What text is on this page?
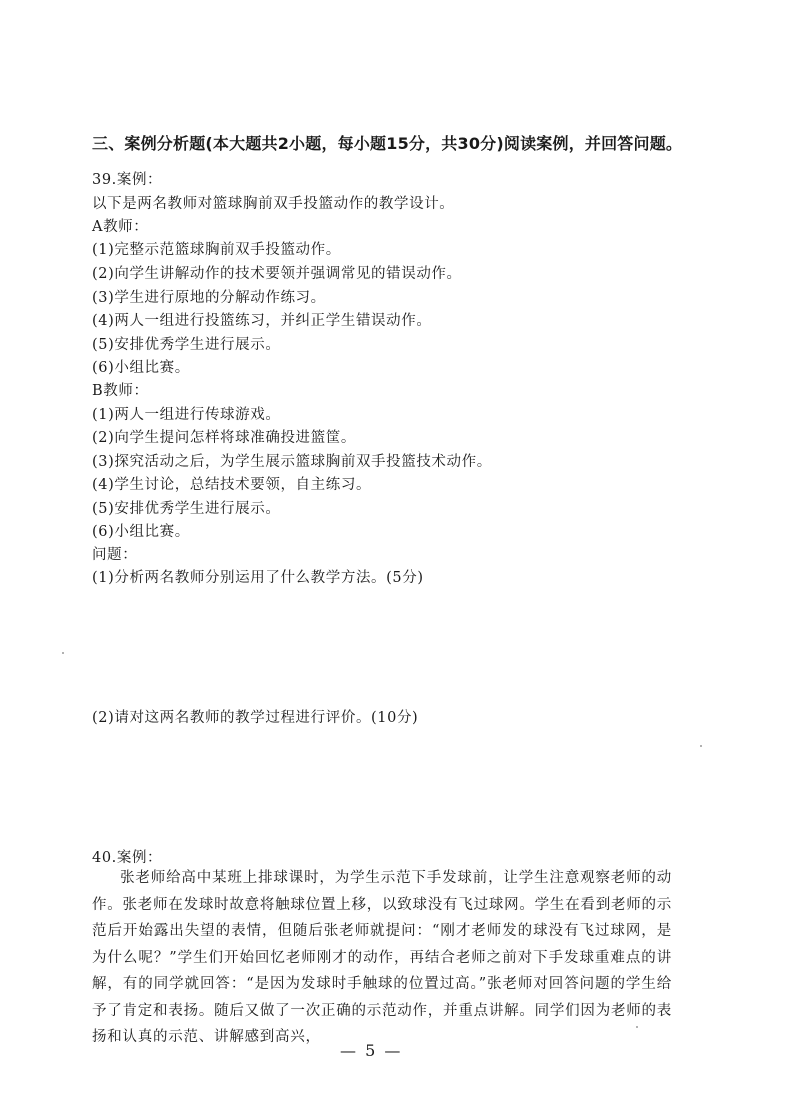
三、案例分析题(本大题共2小题，每小题15分，共30分)阅读案例，并回答问题。
39.案例：
以下是两名教师对篮球胸前双手投篮动作的教学设计。
A教师：
(1)完整示范篮球胸前双手投篮动作。
(2)向学生讲解动作的技术要领并强调常见的错误动作。
(3)学生进行原地的分解动作练习。
(4)两人一组进行投篮练习，并纠正学生错误动作。
(5)安排优秀学生进行展示。
(6)小组比赛。
B教师：
(1)两人一组进行传球游戏。
(2)向学生提问怎样将球准确投进篮筐。
(3)探究活动之后，为学生展示篮球胸前双手投篮技术动作。
(4)学生讨论，总结技术要领，自主练习。
(5)安排优秀学生进行展示。
(6)小组比赛。
问题：
(1)分析两名教师分别运用了什么教学方法。(5分)
(2)请对这两名教师的教学过程进行评价。(10分)
40.案例：
张老师给高中某班上排球课时，为学生示范下手发球前，让学生注意观察老师的动作。张老师在发球时故意将触球位置上移，以致球没有飞过球网。学生在看到老师的示范后开始露出失望的表情，但随后张老师就提问：“刚才老师发的球没有飞过球网，是为什么呢？”学生们开始回忆老师刚才的动作，再结合老师之前对下手发球重难点的讲解，有的同学就回答：“是因为发球时手触球的位置过高。”张老师对回答问题的学生给予了肯定和表扬。随后又做了一次正确的示范动作，并重点讲解。同学们因为老师的表扬和认真的示范、讲解感到高兴，
— 5 —
